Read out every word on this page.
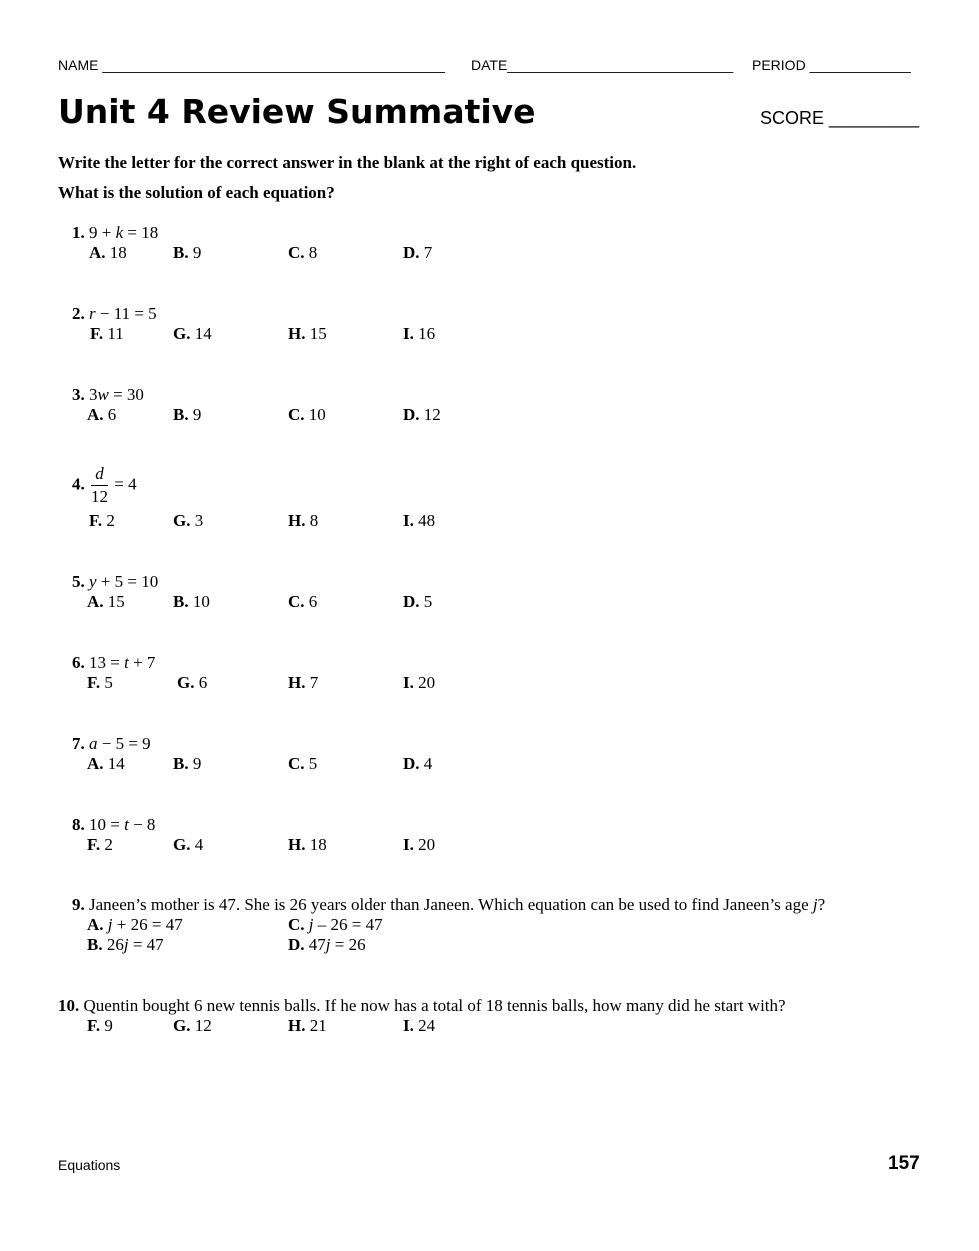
NAME ____________________________________________ DATE_____________________________ PERIOD _____________
Unit 4 Review Summative	SCORE _________
Write the letter for the correct answer in the blank at the right of each question.
What is the solution of each equation?
1. 9 + k = 18
A. 18	B. 9	C. 8	D. 7
2. r − 11 = 5
F. 11	G. 14	H. 15	I. 16
3. 3w = 30
A. 6	B. 9	C. 10	D. 12
4. $\frac{d}{12} = 4$
F. 2	G. 3	H. 8	I. 48
5. y + 5 = 10
A. 15	B. 10	C. 6	D. 5
6. 13 = t + 7
F. 5	G. 6	H. 7	I. 20
7. a − 5 = 9
A. 14	B. 9	C. 5	D. 4
8. 10 = t − 8
F. 2	G. 4	H. 18	I. 20
9. Janeen’s mother is 47. She is 26 years older than Janeen. Which equation can be used to find Janeen’s age j?
A. j + 26 = 47	C. j – 26 = 47
B. 26j = 47	D. 47j = 26
10. Quentin bought 6 new tennis balls. If he now has a total of 18 tennis balls, how many did he start with?
F. 9	G. 12	H. 21	I. 24
Equations	157
